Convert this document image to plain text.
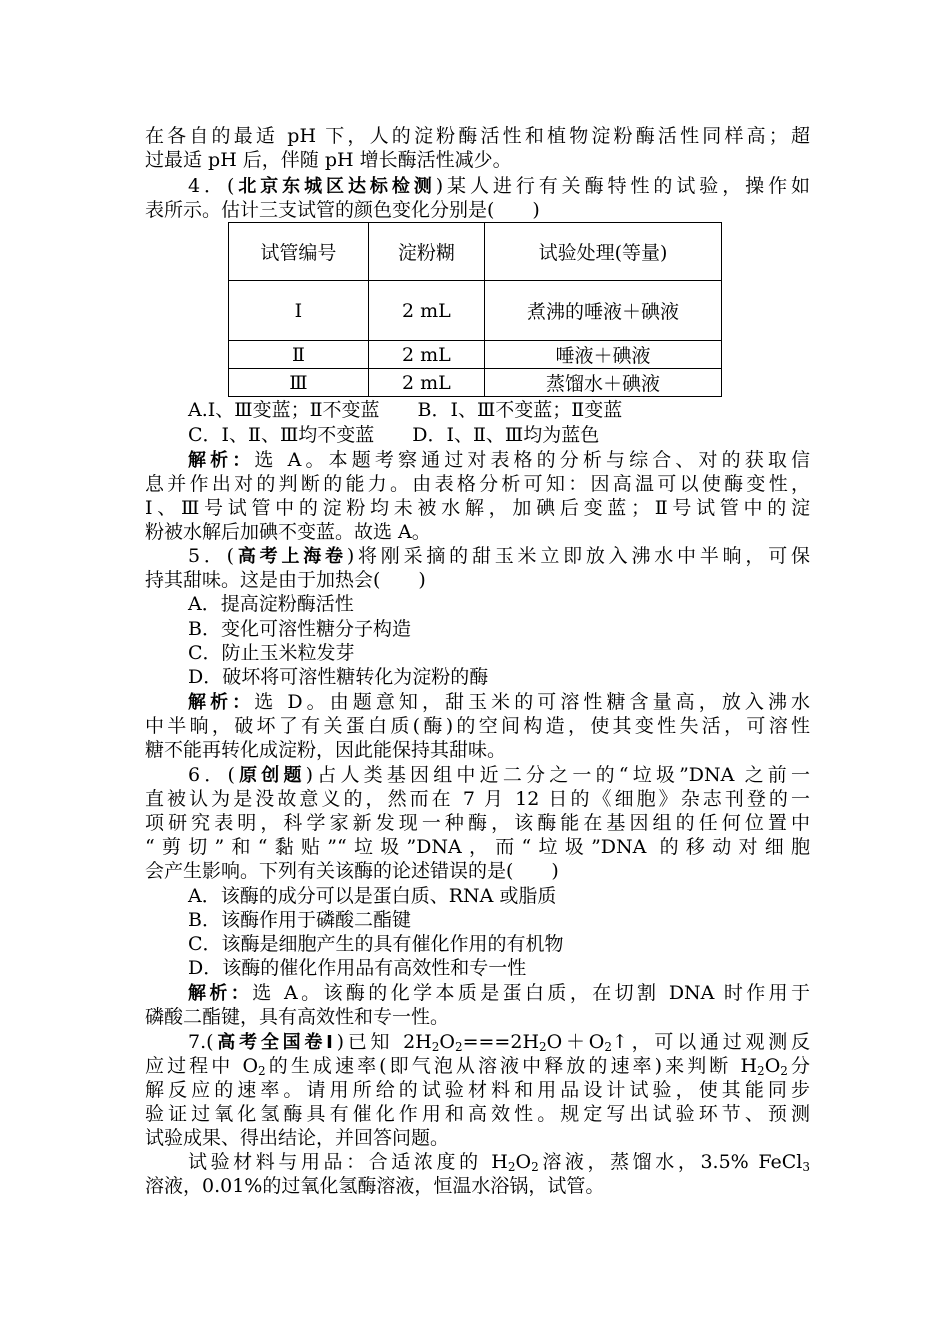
在各自的最适 pH 下，人的淀粉酶活性和植物淀粉酶活性同样高；超
过最适 pH 后，伴随 pH 增长酶活性减少。
4．(北京东城区达标检测)某人进行有关酶特性的试验，操作如
表所示。估计三支试管的颜色变化分别是(　　)
试管编号	淀粉糊	试验处理(等量)
Ⅰ	2 mL	煮沸的唾液＋碘液
Ⅱ	2 mL	唾液＋碘液
Ⅲ	2 mL	蒸馏水＋碘液
A.Ⅰ、Ⅲ变蓝；Ⅱ不变蓝　　B．Ⅰ、Ⅲ不变蓝；Ⅱ变蓝
C．Ⅰ、Ⅱ、Ⅲ均不变蓝　　D．Ⅰ、Ⅱ、Ⅲ均为蓝色
解析：选 A。本题考察通过对表格的分析与综合、对的获取信
息并作出对的判断的能力。由表格分析可知：因高温可以使酶变性，
Ⅰ、Ⅲ号试管中的淀粉均未被水解，加碘后变蓝；Ⅱ号试管中的淀
粉被水解后加碘不变蓝。故选 A。
5．(高考上海卷)将刚采摘的甜玉米立即放入沸水中半晌，可保
持其甜味。这是由于加热会(　　)
A．提高淀粉酶活性
B．变化可溶性糖分子构造
C．防止玉米粒发芽
D．破坏将可溶性糖转化为淀粉的酶
解析：选 D。由题意知，甜玉米的可溶性糖含量高，放入沸水
中半晌，破坏了有关蛋白质(酶)的空间构造，使其变性失活，可溶性
糖不能再转化成淀粉，因此能保持其甜味。
6．(原创题)占人类基因组中近二分之一的“垃圾”DNA 之前一
直被认为是没故意义的，然而在 7 月 12 日的《细胞》杂志刊登的一
项研究表明，科学家新发现一种酶，该酶能在基因组的任何位置中
“剪切”和“黏贴”“垃圾”DNA，而“垃圾”DNA 的移动对细胞
会产生影响。下列有关该酶的论述错误的是(　　)
A．该酶的成分可以是蛋白质、RNA 或脂质
B．该酶作用于磷酸二酯键
C．该酶是细胞产生的具有催化作用的有机物
D．该酶的催化作用品有高效性和专一性
解析：选 A。该酶的化学本质是蛋白质，在切割 DNA 时作用于
磷酸二酯键，具有高效性和专一性。
7.(高考全国卷Ⅰ)已知 $2H_2O_2===2H_2O+O_2↑$，可以通过观测反
应过程中 $O_2$的生成速率(即气泡从溶液中释放的速率)来判断 $H_2O_2$分
解反应的速率。请用所给的试验材料和用品设计试验，使其能同步
验证过氧化氢酶具有催化作用和高效性。规定写出试验环节、预测
试验成果、得出结论，并回答问题。
试验材料与用品：合适浓度的 $H_2O_2$溶液，蒸馏水，3.5% FeCl$_3$
溶液，0.01%的过氧化氢酶溶液，恒温水浴锅，试管。
